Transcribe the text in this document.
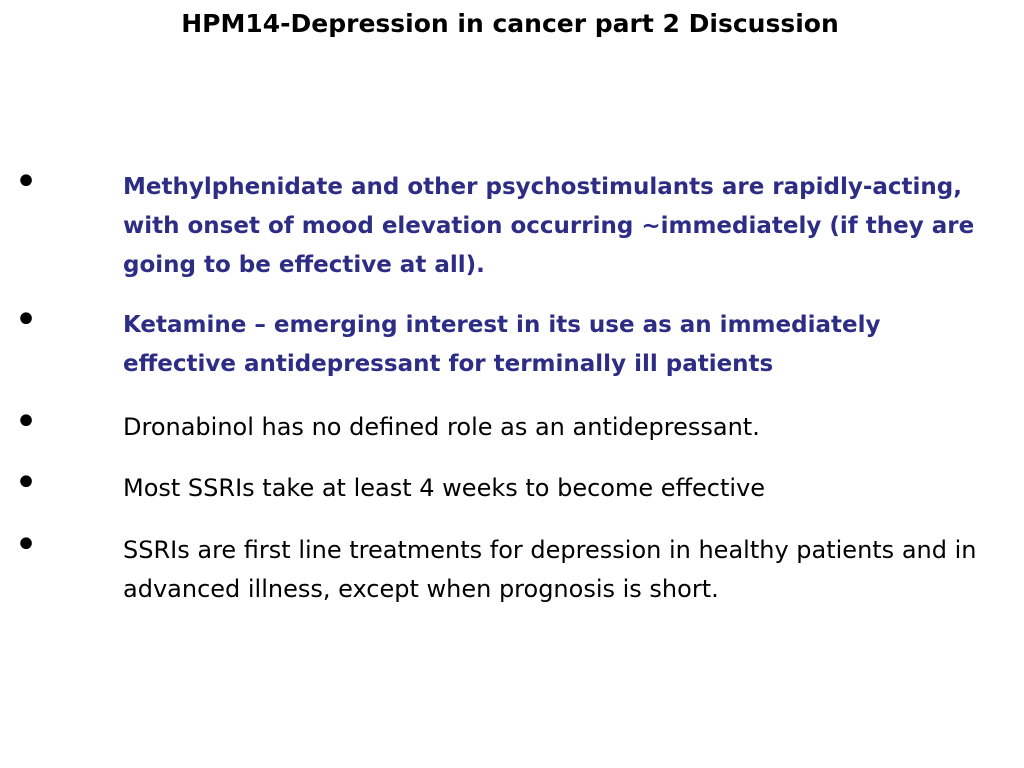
HPM14-Depression in cancer part 2 Discussion
•	Methylphenidate and other psychostimulants are rapidly-acting, with onset of mood elevation occurring ~immediately (if they are going to be effective at all).
•	Ketamine – emerging interest in its use as an immediately effective antidepressant for terminally ill patients
•	Dronabinol has no defined role as an antidepressant.
•	Most SSRIs take at least 4 weeks to become effective
•	SSRIs are first line treatments for depression in healthy patients and in advanced illness, except when prognosis is short.
